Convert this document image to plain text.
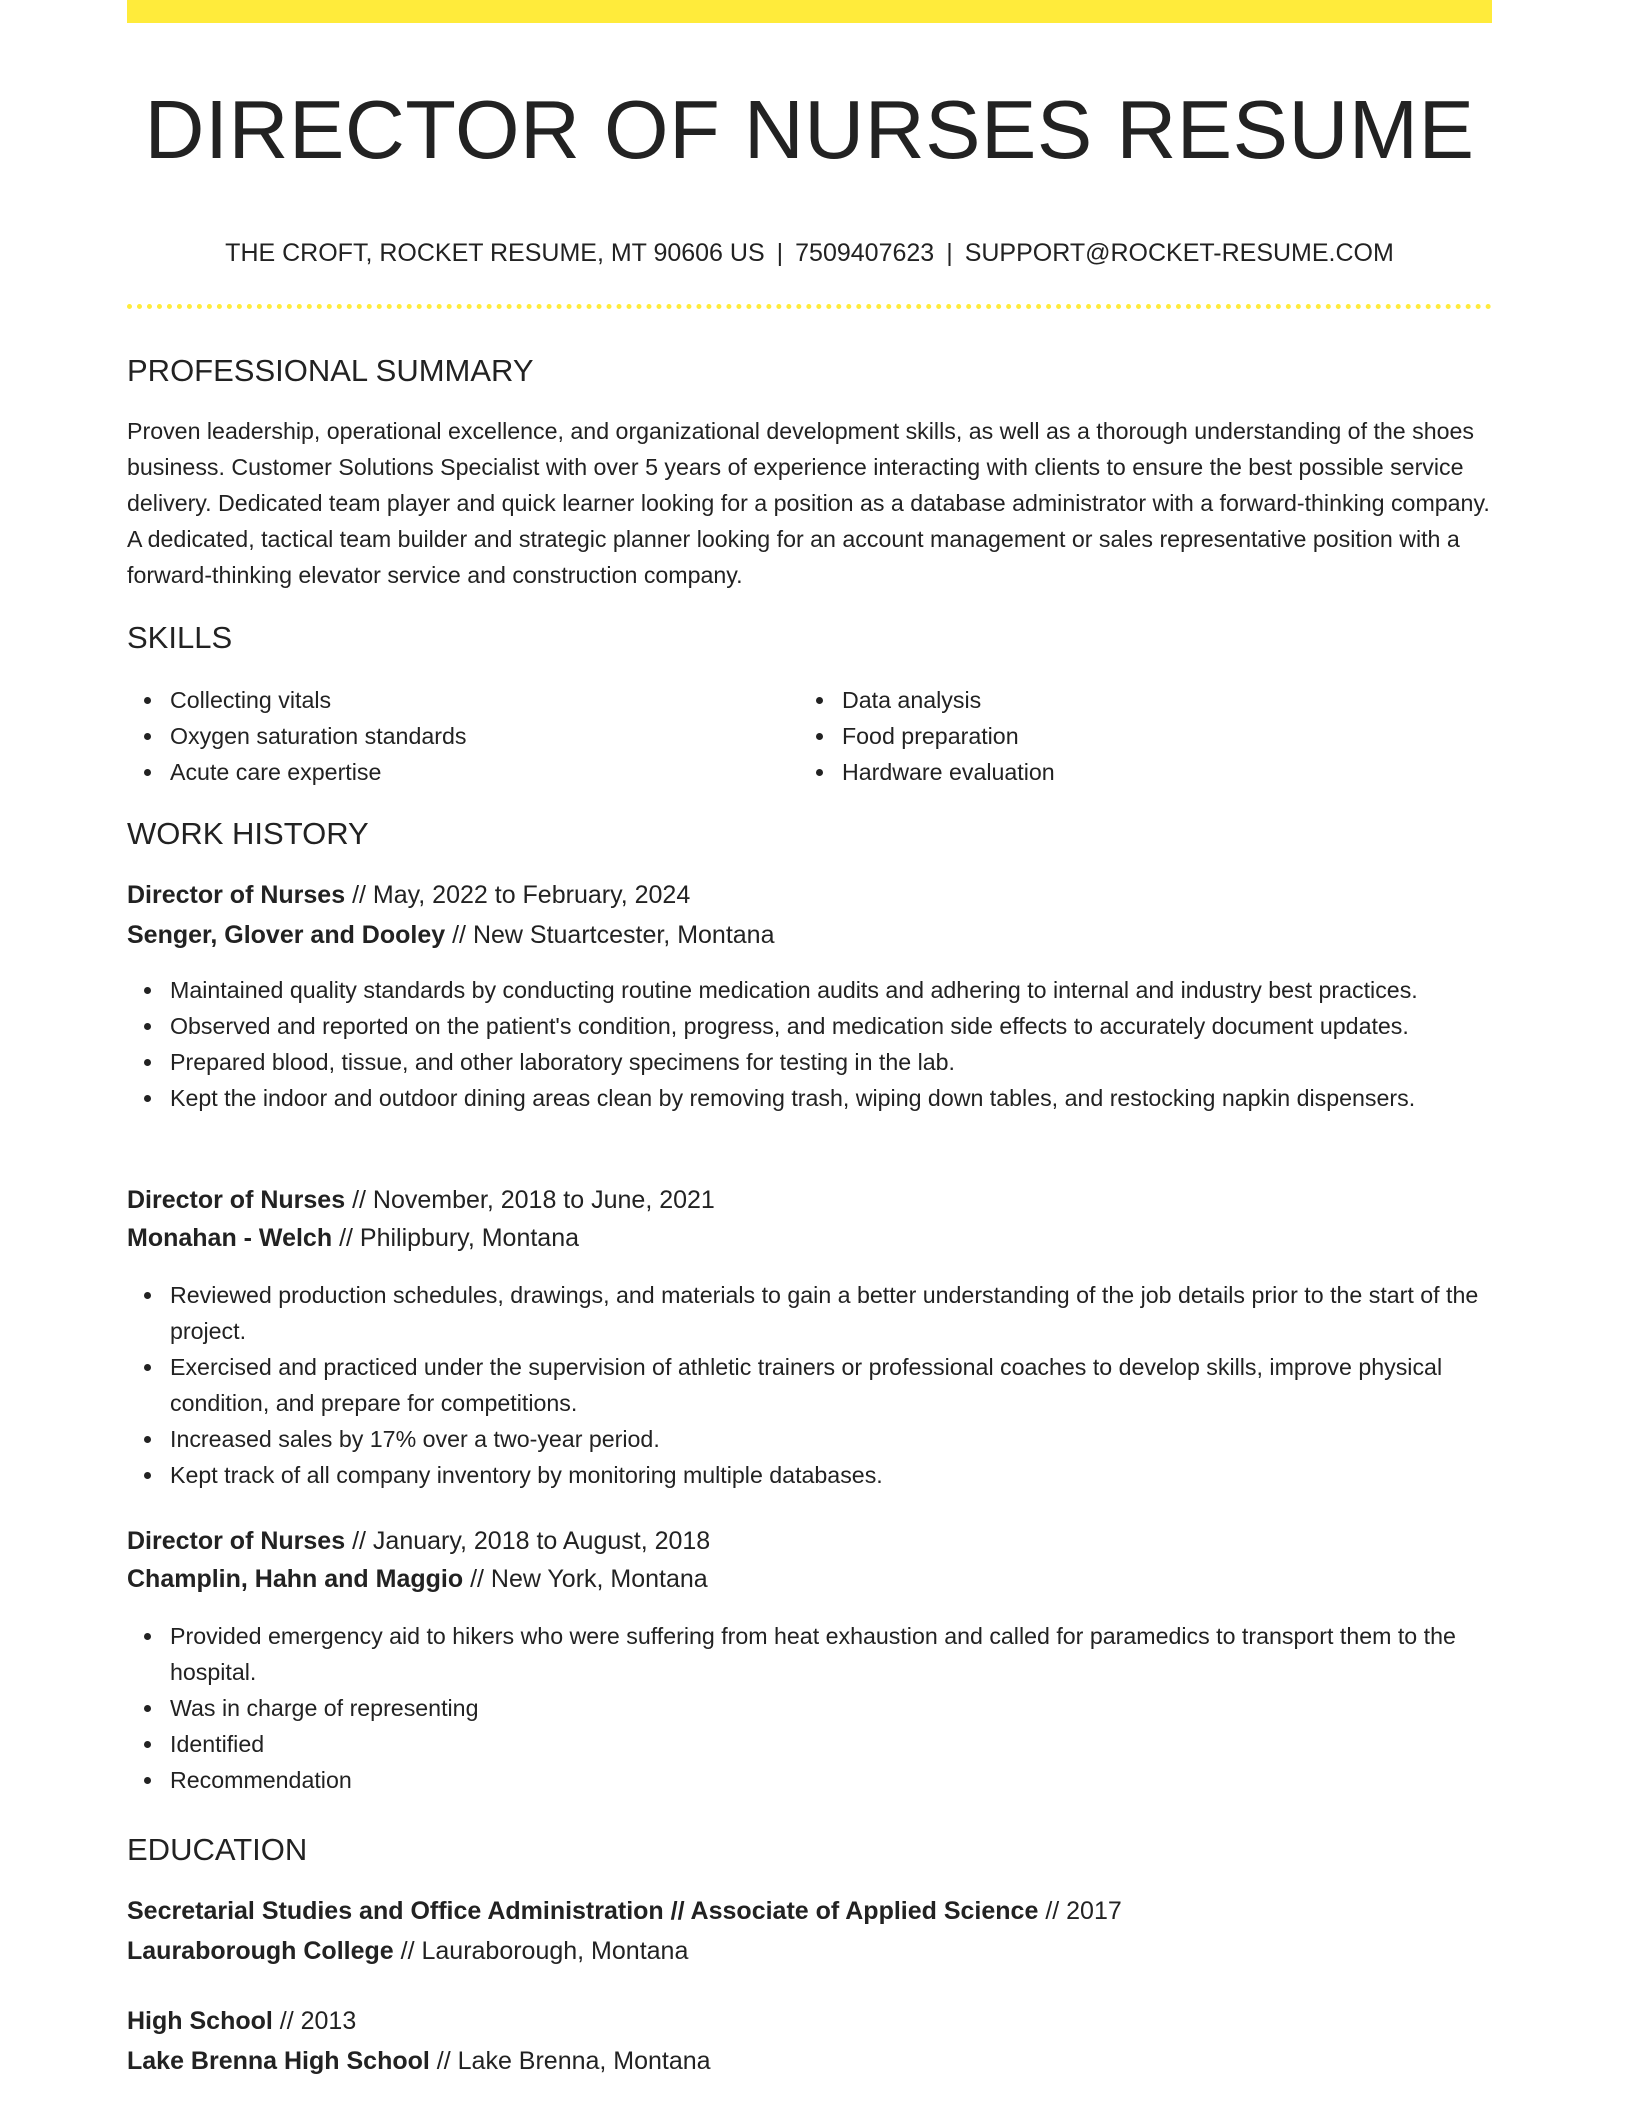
DIRECTOR OF NURSES RESUME
THE CROFT, ROCKET RESUME, MT 90606 US | 7509407623 | SUPPORT@ROCKET-RESUME.COM
PROFESSIONAL SUMMARY

Proven leadership, operational excellence, and organizational development skills, as well as a thorough understanding of the shoes business. Customer Solutions Specialist with over 5 years of experience interacting with clients to ensure the best possible service delivery. Dedicated team player and quick learner looking for a position as a database administrator with a forward-thinking company. A dedicated, tactical team builder and strategic planner looking for an account management or sales representative position with a forward-thinking elevator service and construction company.

SKILLS
Collecting vitals	Data analysis
Oxygen saturation standards	Food preparation
Acute care expertise	Hardware evaluation
WORK HISTORY
Director of Nurses // May, 2022 to February, 2024
Senger, Glover and Dooley // New Stuartcester, Montana
Maintained quality standards by conducting routine medication audits and adhering to internal and industry best practices.
Observed and reported on the patient's condition, progress, and medication side effects to accurately document updates.
Prepared blood, tissue, and other laboratory specimens for testing in the lab.
Kept the indoor and outdoor dining areas clean by removing trash, wiping down tables, and restocking napkin dispensers.
Director of Nurses // November, 2018 to June, 2021
Monahan - Welch // Philipbury, Montana
Reviewed production schedules, drawings, and materials to gain a better understanding of the job details prior to the start of the project.
Exercised and practiced under the supervision of athletic trainers or professional coaches to develop skills, improve physical condition, and prepare for competitions.
Increased sales by 17% over a two-year period.
Kept track of all company inventory by monitoring multiple databases.
Director of Nurses // January, 2018 to August, 2018
Champlin, Hahn and Maggio // New York, Montana
Provided emergency aid to hikers who were suffering from heat exhaustion and called for paramedics to transport them to the hospital.
Was in charge of representing
Identified
Recommendation
EDUCATION
Secretarial Studies and Office Administration // Associate of Applied Science // 2017
Lauraborough College // Lauraborough, Montana
High School // 2013
Lake Brenna High School // Lake Brenna, Montana
